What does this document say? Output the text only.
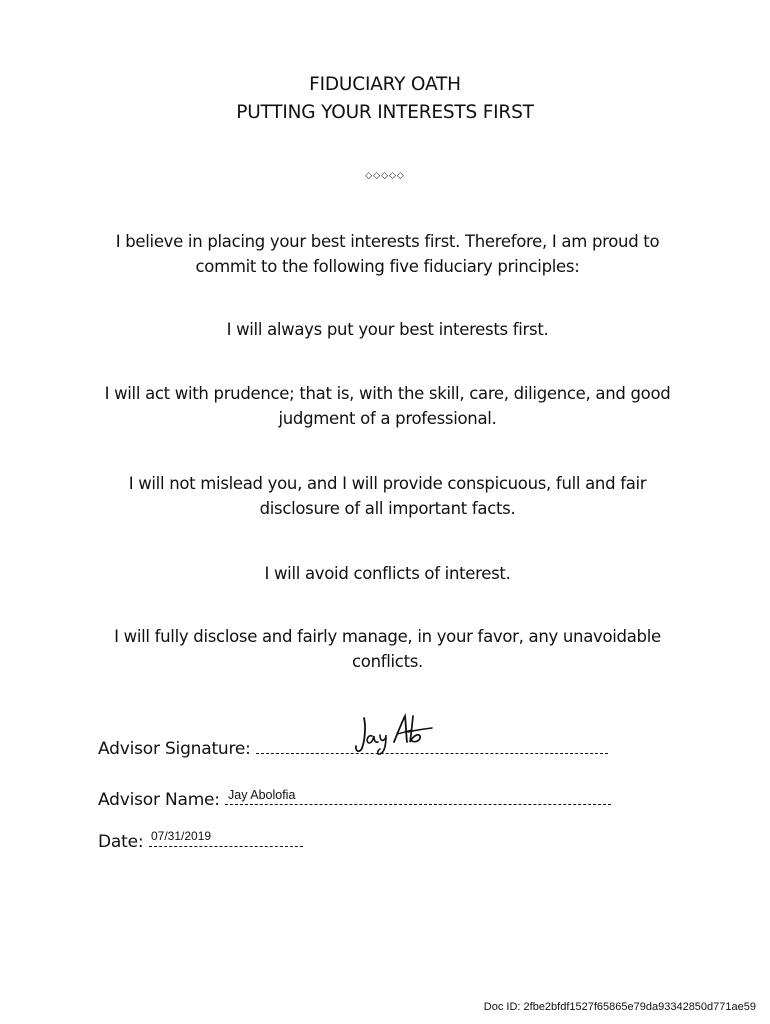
FIDUCIARY OATH
PUTTING YOUR INTERESTS FIRST
◇◇◇◇◇
I believe in placing your best interests first. Therefore, I am proud to commit to the following five fiduciary principles:
I will always put your best interests first.
I will act with prudence; that is, with the skill, care, diligence, and good judgment of a professional.
I will not mislead you, and I will provide conspicuous, full and fair disclosure of all important facts.
I will avoid conflicts of interest.
I will fully disclose and fairly manage, in your favor, any unavoidable conflicts.
Advisor Signature:
Advisor Name: Jay Abolofia
Date: 07/31/2019
Doc ID: 2fbe2bfdf1527f65865e79da93342850d771ae59
